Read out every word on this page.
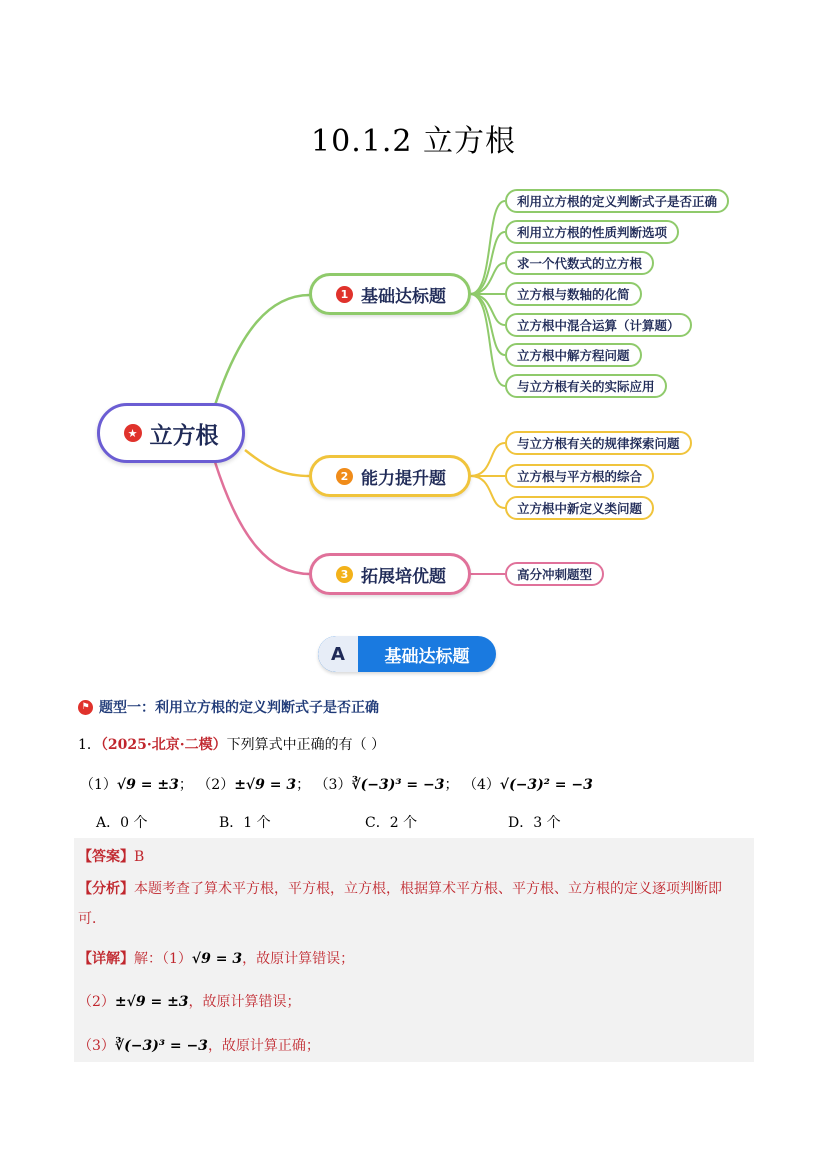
10.1.2 立方根
★ 立方根
1 基础达标题
2 能力提升题
3 拓展培优题
利用立方根的定义判断式子是否正确
利用立方根的性质判断选项
求一个代数式的立方根
立方根与数轴的化简
立方根中混合运算（计算题）
立方根中解方程问题
与立方根有关的实际应用
与立方根有关的规律探索问题
立方根与平方根的综合
立方根中新定义类问题
高分冲刺题型
A	基础达标题
⚑ 题型一：利用立方根的定义判断式子是否正确
1．（2025·北京·二模）下列算式中正确的有（ ）
（1）√9 = ±3； （2）±√9 = 3； （3）∛(−3)³ = −3； （4）√(−3)² = −3
A．0 个	B．1 个	C．2 个	D．3 个
【答案】B
【分析】本题考查了算术平方根，平方根，立方根，根据算术平方根、平方根、立方根的定义逐项判断即
可．
【详解】解：（1）√9 = 3，故原计算错误；
（2）±√9 = ±3，故原计算错误；
（3）∛(−3)³ = −3，故原计算正确；
